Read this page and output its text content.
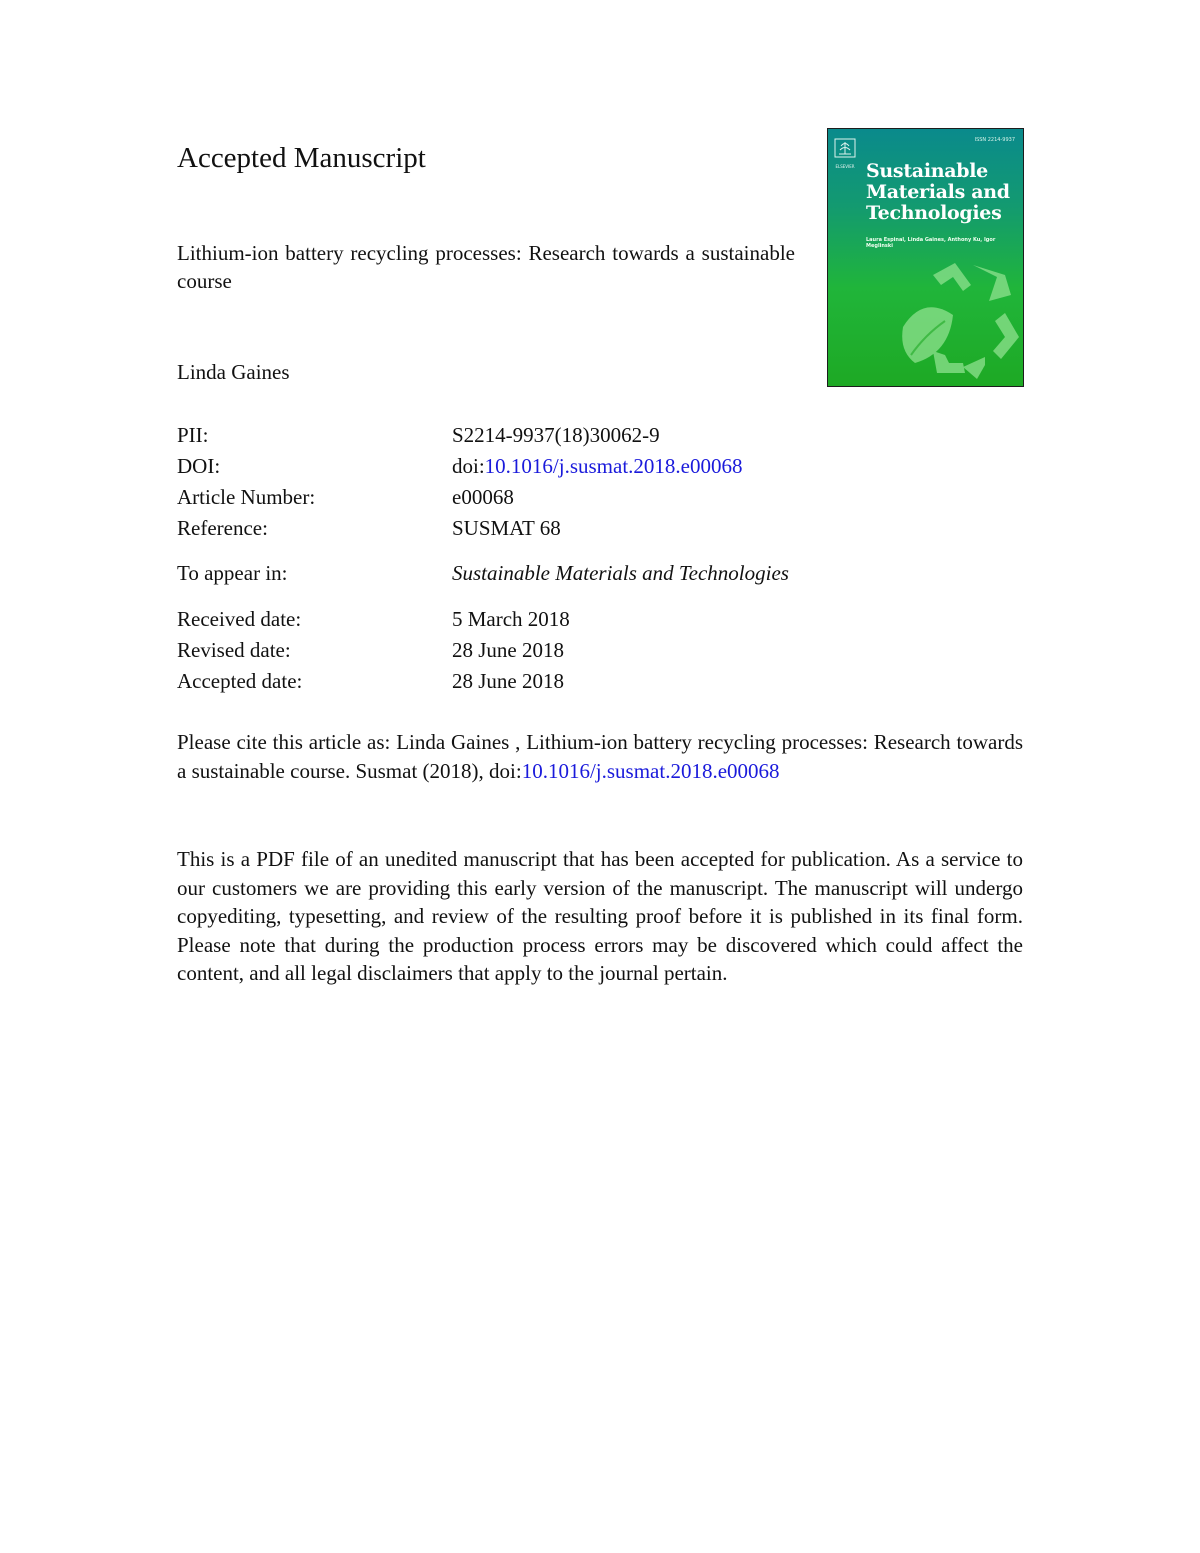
Accepted Manuscript

Lithium-ion battery recycling processes: Research towards a sustainable course

Linda Gaines
ISSN 2214-9937
ELSEVIER Sustainable
Materials and
Technologies
Laura Espinal, Linda Gaines, Anthony Ku, Igor Meglinski
PII:	S2214-9937(18)30062-9
DOI:	doi:10.1016/j.susmat.2018.e00068
Article Number:	e00068
Reference:	SUSMAT 68
To appear in:	Sustainable Materials and Technologies
Received date:	5 March 2018
Revised date:	28 June 2018
Accepted date:	28 June 2018

Please cite this article as: Linda Gaines , Lithium-ion battery recycling processes: Research towards a sustainable course. Susmat (2018), doi:10.1016/j.susmat.2018.e00068

This is a PDF file of an unedited manuscript that has been accepted for publication. As a service to our customers we are providing this early version of the manuscript. The manuscript will undergo copyediting, typesetting, and review of the resulting proof before it is published in its final form. Please note that during the production process errors may be discovered which could affect the content, and all legal disclaimers that apply to the journal pertain.
